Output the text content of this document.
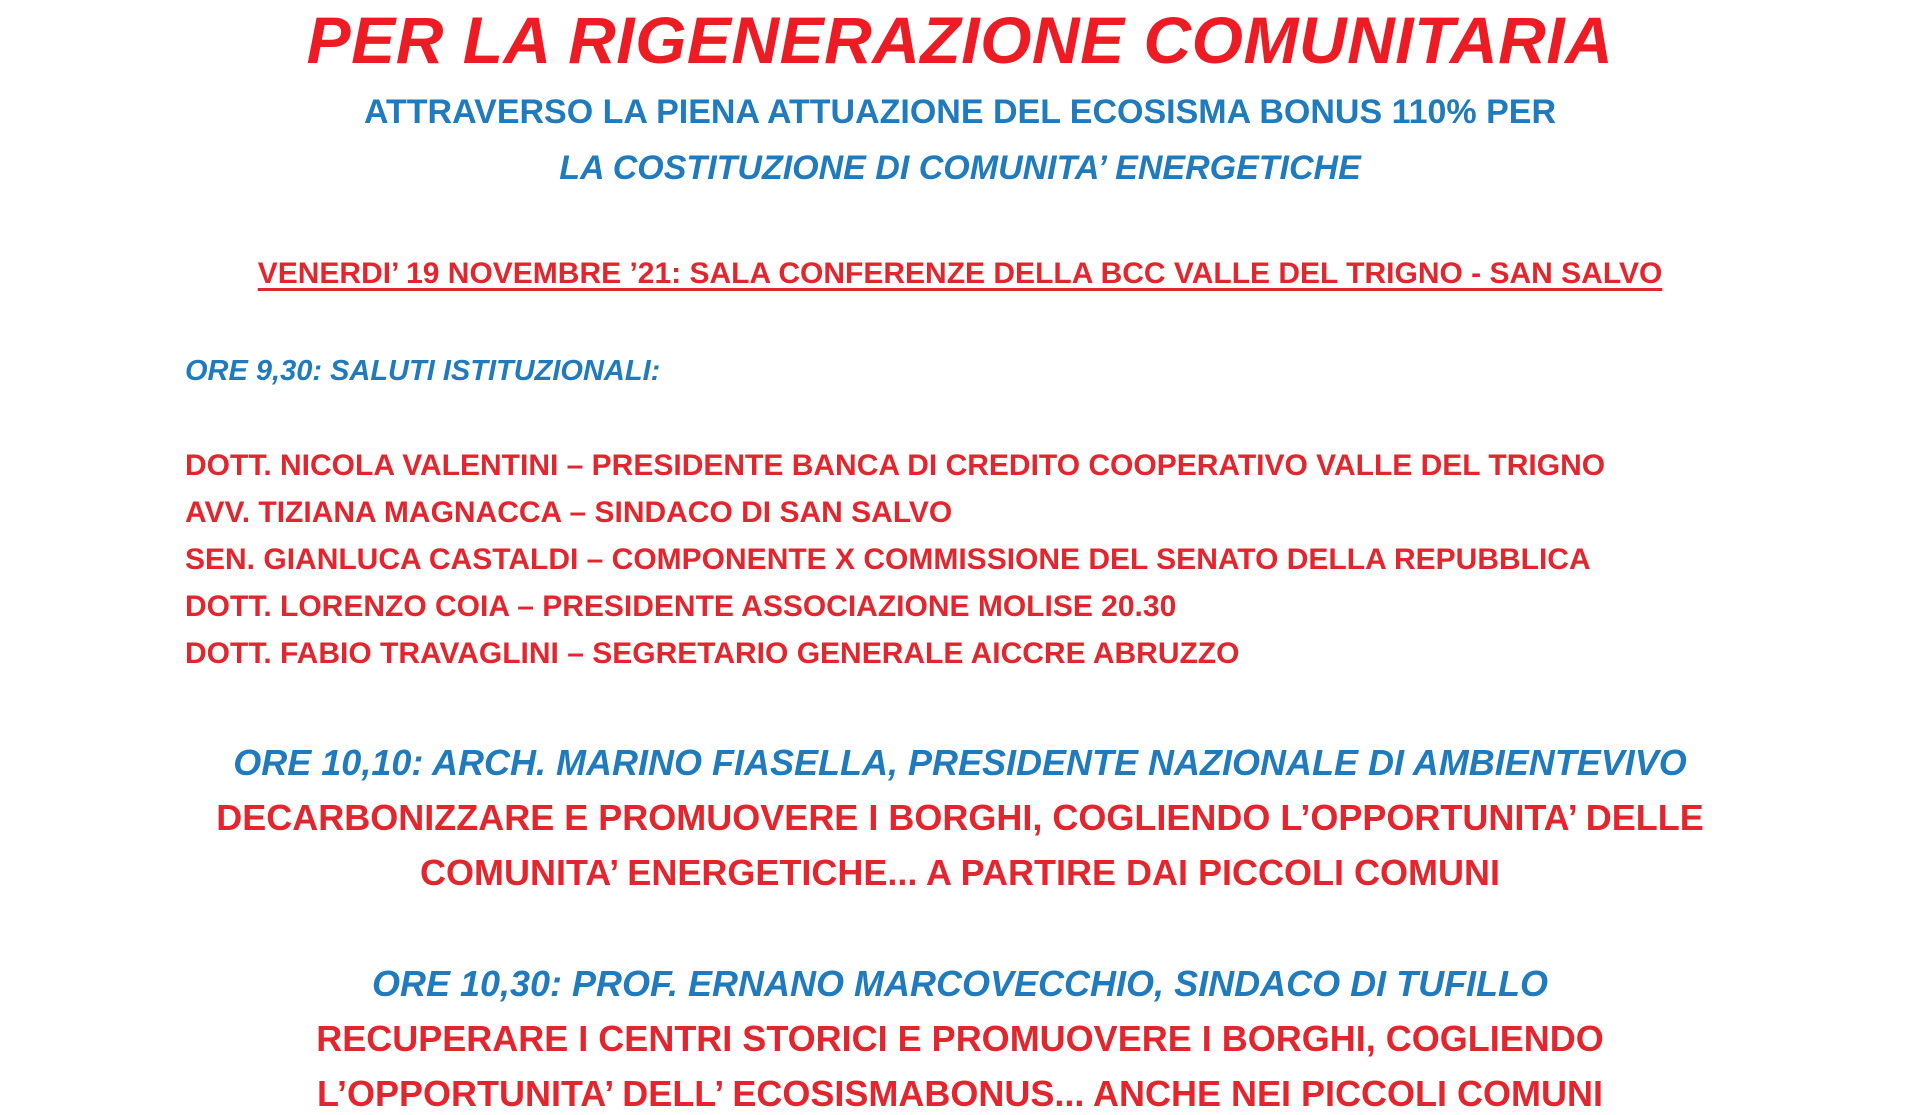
PER LA RIGENERAZIONE COMUNITARIA

ATTRAVERSO LA PIENA ATTUAZIONE DEL ECOSISMA BONUS 110% PER

LA COSTITUZIONE DI COMUNITA’ ENERGETICHE

VENERDI’ 19 NOVEMBRE ’21: SALA CONFERENZE DELLA BCC VALLE DEL TRIGNO - SAN SALVO

ORE 9,30: SALUTI ISTITUZIONALI:

DOTT. NICOLA VALENTINI – PRESIDENTE BANCA DI CREDITO COOPERATIVO VALLE DEL TRIGNO

AVV. TIZIANA MAGNACCA – SINDACO DI SAN SALVO

SEN. GIANLUCA CASTALDI – COMPONENTE X COMMISSIONE DEL SENATO DELLA REPUBBLICA

DOTT. LORENZO COIA – PRESIDENTE ASSOCIAZIONE MOLISE 20.30

DOTT. FABIO TRAVAGLINI – SEGRETARIO GENERALE AICCRE ABRUZZO

ORE 10,10: ARCH. MARINO FIASELLA, PRESIDENTE NAZIONALE DI AMBIENTEVIVO

DECARBONIZZARE E PROMUOVERE I BORGHI, COGLIENDO L’OPPORTUNITA’ DELLE

COMUNITA’ ENERGETICHE... A PARTIRE DAI PICCOLI COMUNI

ORE 10,30: PROF. ERNANO MARCOVECCHIO, SINDACO DI TUFILLO

RECUPERARE I CENTRI STORICI E PROMUOVERE I BORGHI, COGLIENDO

L’OPPORTUNITA’ DELL’ ECOSISMABONUS... ANCHE NEI PICCOLI COMUNI
